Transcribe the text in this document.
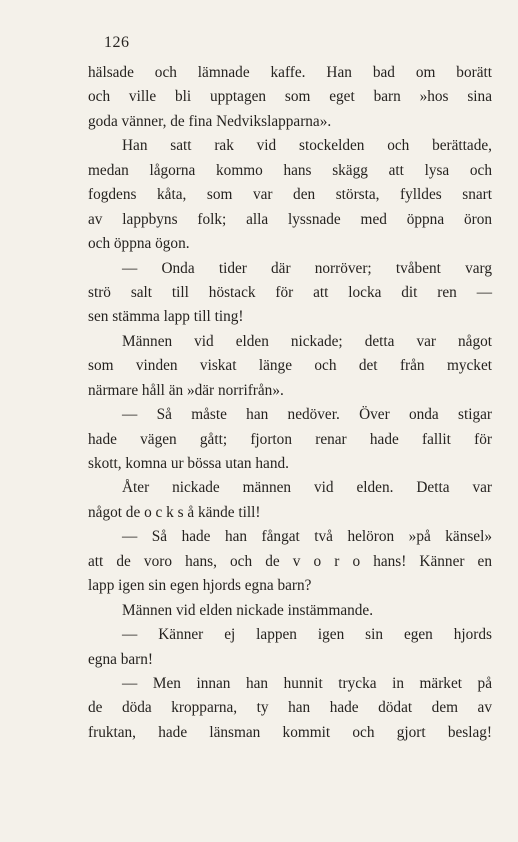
126
hälsade och lämnade kaffe. Han bad om borätt
och ville bli upptagen som eget barn »hos sina
goda vänner, de fina Nedvikslapparna».
Han satt rak vid stockelden och berättade,
medan lågorna kommo hans skägg att lysa och
fogdens kåta, som var den största, fylldes snart
av lappbyns folk; alla lyssnade med öppna öron
och öppna ögon.
— Onda tider där norröver; tvåbent varg
strö salt till höstack för att locka dit ren —
sen stämma lapp till ting!
Männen vid elden nickade; detta var något
som vinden viskat länge och det från mycket
närmare håll än »där norrifrån».
— Så måste han nedöver. Över onda stigar
hade vägen gått; fjorton renar hade fallit för
skott, komna ur bössa utan hand.
Åter nickade männen vid elden. Detta var
något de o c k s å kände till!
— Så hade han fångat två helöron »på känsel»
att de voro hans, och de v o r o hans! Känner en
lapp igen sin egen hjords egna barn?
Männen vid elden nickade instämmande.
— Känner ej lappen igen sin egen hjords
egna barn!
— Men innan han hunnit trycka in märket på
de döda kropparna, ty han hade dödat dem av
fruktan, hade länsman kommit och gjort beslag!
